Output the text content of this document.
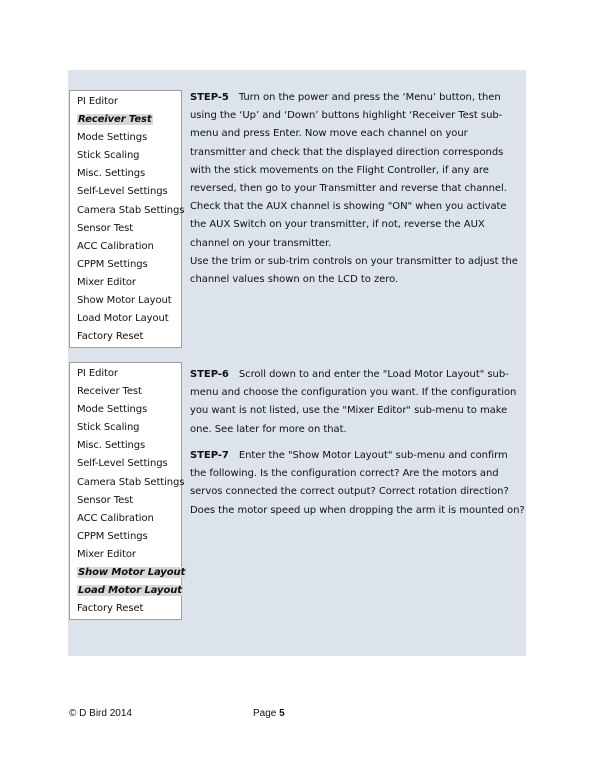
PI Editor
Receiver Test
Mode Settings
Stick Scaling
Misc. Settings
Self-Level Settings
Camera Stab Settings
Sensor Test
ACC Calibration
CPPM Settings
Mixer Editor
Show Motor Layout
Load Motor Layout
Factory Reset
PI Editor
Receiver Test
Mode Settings
Stick Scaling
Misc. Settings
Self-Level Settings
Camera Stab Settings
Sensor Test
ACC Calibration
CPPM Settings
Mixer Editor
Show Motor Layout
Load Motor Layout
Factory Reset

STEP-5 Turn on the power and press the ‘Menu’ button, then using the ‘Up’ and ‘Down’ buttons highlight ‘Receiver Test sub-menu and press Enter. Now move each channel on your transmitter and check that the displayed direction corresponds with the stick movements on the Flight Controller, if any are reversed, then go to your Transmitter and reverse that channel. Check that the AUX channel is showing "ON" when you activate the AUX Switch on your transmitter, if not, reverse the AUX channel on your transmitter.

Use the trim or sub-trim controls on your transmitter to adjust the channel values shown on the LCD to zero.

STEP-6 Scroll down to and enter the "Load Motor Layout" sub-menu and choose the configuration you want. If the configuration you want is not listed, use the "Mixer Editor" sub-menu to make one. See later for more on that.

STEP-7 Enter the "Show Motor Layout" sub-menu and confirm the following. Is the configuration correct? Are the motors and servos connected the correct output? Correct rotation direction? Does the motor speed up when dropping the arm it is mounted on?

© D Bird 2014	Page 5
